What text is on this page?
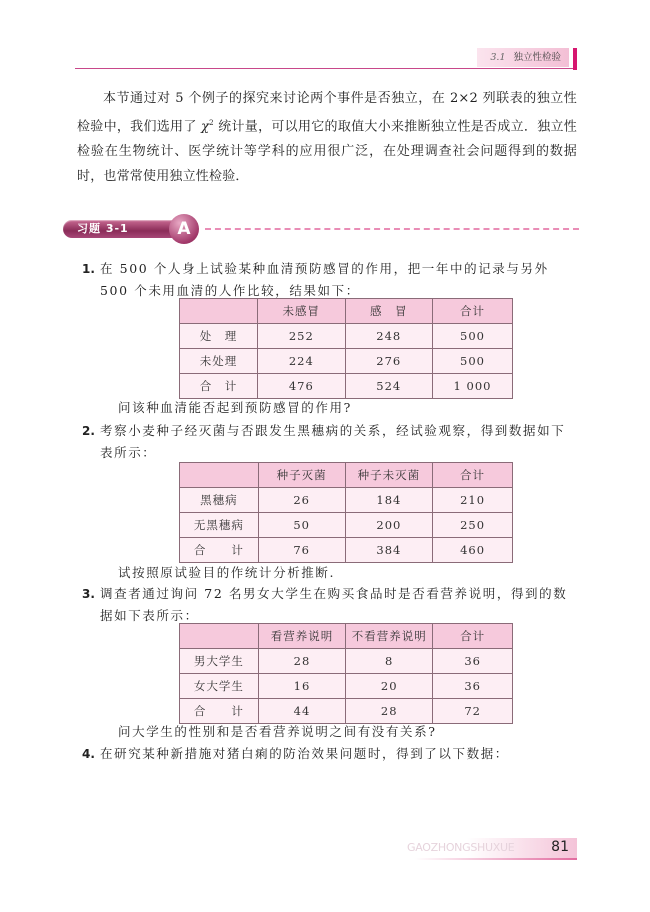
3.1 独立性检验
本节通过对 5 个例子的探究来讨论两个事件是否独立，在 2×2 列联表的独立性检验中，我们选用了 $\chi^2$ 统计量，可以用它的取值大小来推断独立性是否成立．独立性检验在生物统计、医学统计等学科的应用很广泛，在处理调查社会问题得到的数据时，也常常使用独立性检验．
习题 3-1	A
1. 在 500 个人身上试验某种血清预防感冒的作用，把一年中的记录与另外 500 个未用血清的人作比较，结果如下：
	未感冒	感　冒	合计
处　理	252	248	500
未处理	224	276	500
合　计	476	524	1 000
问该种血清能否起到预防感冒的作用?
2. 考察小麦种子经灭菌与否跟发生黑穗病的关系，经试验观察，得到数据如下表所示：
	种子灭菌	种子未灭菌	合计
黑穗病	26	184	210
无黑穗病	50	200	250
合　　计	76	384	460
试按照原试验目的作统计分析推断.
3. 调查者通过询问 72 名男女大学生在购买食品时是否看营养说明，得到的数据如下表所示：
	看营养说明	不看营养说明	合计
男大学生	28	8	36
女大学生	16	20	36
合　　计	44	28	72
问大学生的性别和是否看营养说明之间有没有关系?
4. 在研究某种新措施对猪白痢的防治效果问题时，得到了以下数据：
GAOZHONGSHUXUE	81
